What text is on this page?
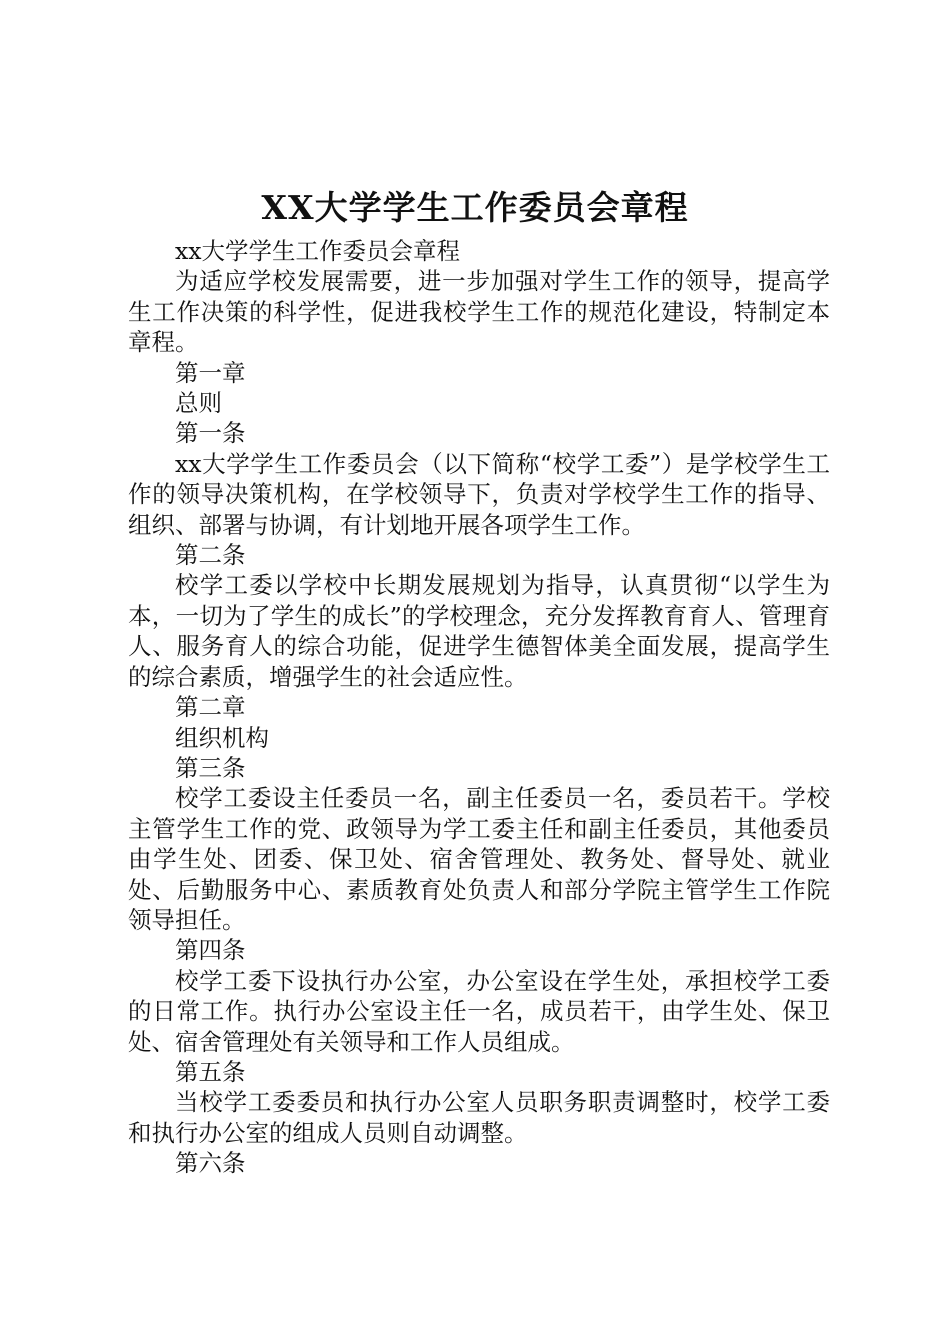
XX大学学生工作委员会章程

xx大学学生工作委员会章程

为适应学校发展需要，进一步加强对学生工作的领导，提高学生工作决策的科学性，促进我校学生工作的规范化建设，特制定本章程。

第一章

总则

第一条

xx大学学生工作委员会（以下简称“校学工委”）是学校学生工作的领导决策机构，在学校领导下，负责对学校学生工作的指导、组织、部署与协调，有计划地开展各项学生工作。

第二条

校学工委以学校中长期发展规划为指导，认真贯彻“以学生为本，一切为了学生的成长”的学校理念，充分发挥教育育人、管理育人、服务育人的综合功能，促进学生德智体美全面发展，提高学生的综合素质，增强学生的社会适应性。

第二章

组织机构

第三条

校学工委设主任委员一名，副主任委员一名，委员若干。学校主管学生工作的党、政领导为学工委主任和副主任委员，其他委员由学生处、团委、保卫处、宿舍管理处、教务处、督导处、就业处、后勤服务中心、素质教育处负责人和部分学院主管学生工作院领导担任。

第四条

校学工委下设执行办公室，办公室设在学生处，承担校学工委的日常工作。执行办公室设主任一名，成员若干，由学生处、保卫处、宿舍管理处有关领导和工作人员组成。

第五条

当校学工委委员和执行办公室人员职务职责调整时，校学工委和执行办公室的组成人员则自动调整。

第六条
